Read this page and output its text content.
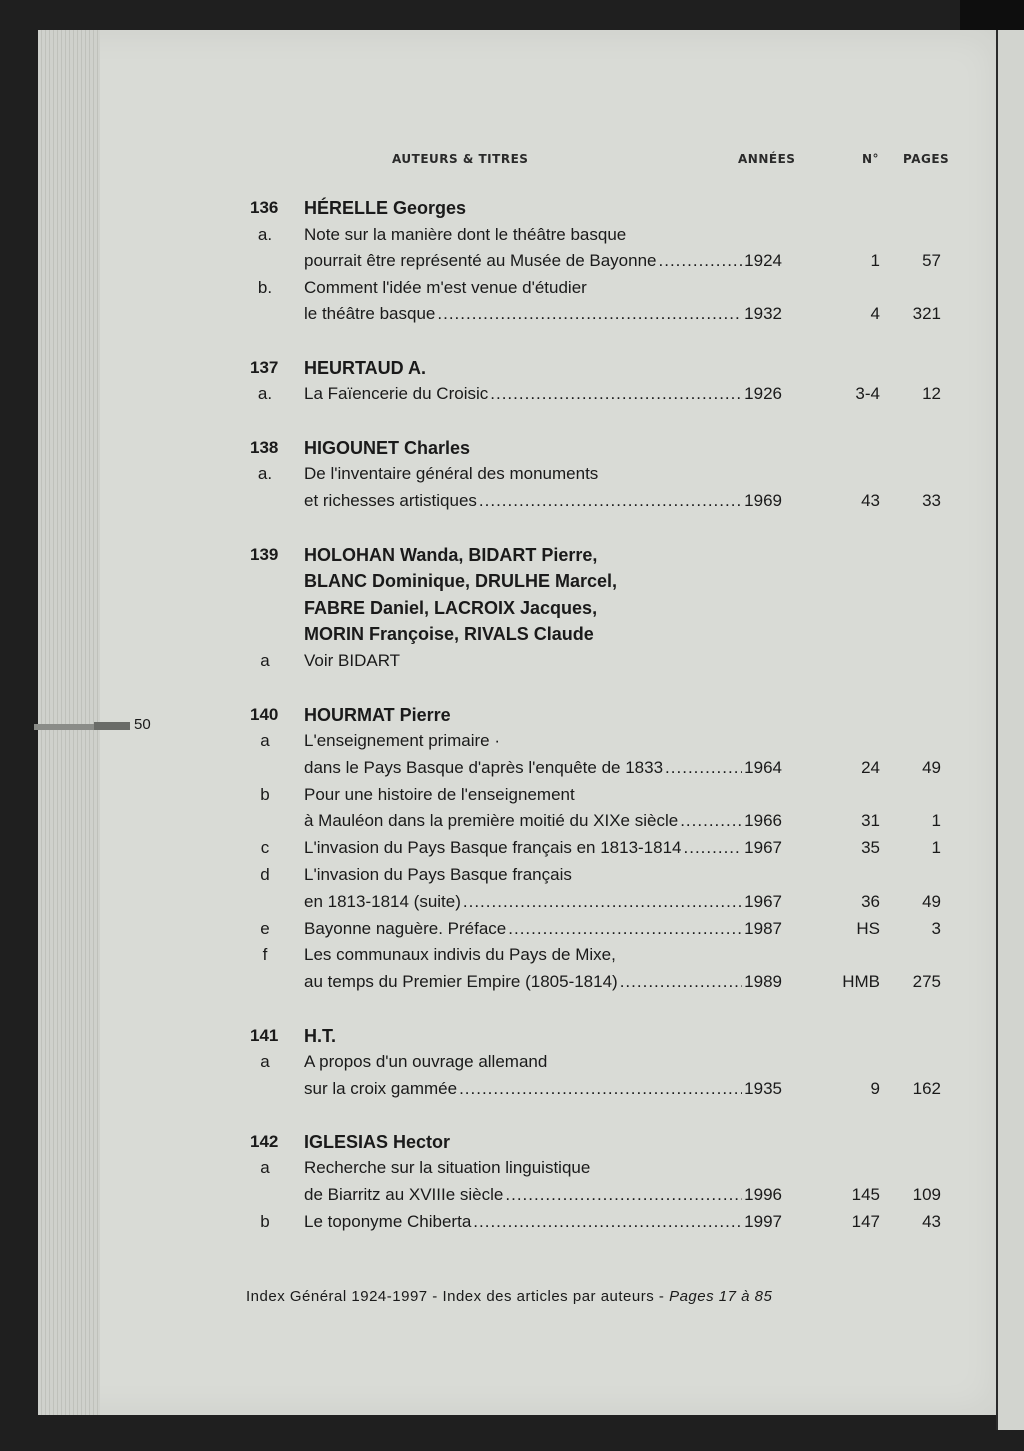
AUTEURS & TITRES	ANNÉES	N° PAGES
50
136 HÉRELLE Georges
a.	Note sur la manière dont le théâtre basque
pourrait être représenté au Musée de Bayonne .....	1924	1	57
b.	Comment l'idée m'est venue d'étudier
le théâtre basque .....	1932	4	321
137 HEURTAUD A.
a.	La Faïencerie du Croisic .....	1926	3-4	12
138 HIGOUNET Charles
a.	De l'inventaire général des monuments
et richesses artistiques .....	1969	43	33
139 HOLOHAN Wanda, BIDART Pierre,
BLANC Dominique, DRULHE Marcel,
FABRE Daniel, LACROIX Jacques,
MORIN Françoise, RIVALS Claude
a	Voir BIDART
140 HOURMAT Pierre
a	L'enseignement primaire ·
dans le Pays Basque d'après l'enquête de 1833 .....	1964	24	49
b	Pour une histoire de l'enseignement
à Mauléon dans la première moitié du XIXe siècle .....	1966	31	1
c	L'invasion du Pays Basque français en 1813-1814 .....	1967	35	1
d	L'invasion du Pays Basque français
en 1813-1814 (suite) .....	1967	36	49
e	Bayonne naguère. Préface .....	1987	HS	3
f	Les communaux indivis du Pays de Mixe,
au temps du Premier Empire (1805-1814) .....	1989	HMB	275
141 H.T.
a	A propos d'un ouvrage allemand
sur la croix gammée .....	1935	9	162
142 IGLESIAS Hector
a	Recherche sur la situation linguistique
de Biarritz au XVIIIe siècle .....	1996	145	109
b	Le toponyme Chiberta .....	1997	147	43
Index Général 1924-1997 - Index des articles par auteurs - Pages 17 à 85
